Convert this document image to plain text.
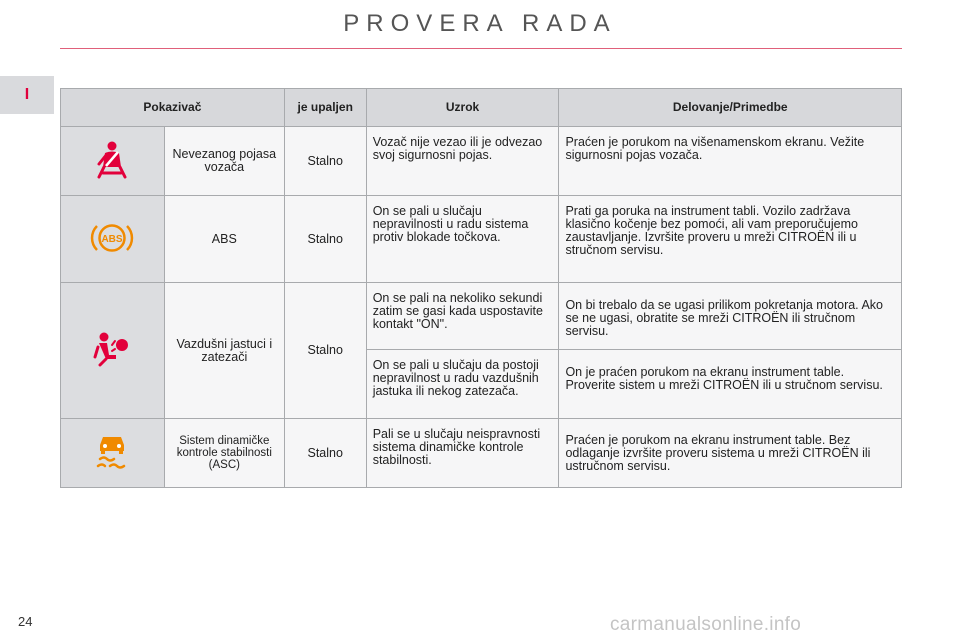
PROVERA RADA
I
Pokazivač		je upaljen	Uzrok	Delovanje/Primedbe
	Nevezanog pojasa vozača	Stalno	Vozač nije vezao ili je odvezao svoj sigurnosni pojas.	Praćen je porukom na višenamenskom ekranu. Vežite sigurnosni pojas vozača.

ABS	ABS	Stalno	On se pali u slučaju nepravilnosti u radu sistema protiv blokade točkova.	Prati ga poruka na instrument tabli. Vozilo zadržava klasično kočenje bez pomoći, ali vam preporučujemo zaustavljanje. Izvršite proveru u mreži CITROËN ili u stručnom servisu.
	Vazdušni jastuci i zatezači	Stalno	On se pali na nekoliko sekundi zatim se gasi kada uspostavite kontakt "ON".	On bi trebalo da se ugasi prilikom pokretanja motora. Ako se ne ugasi, obratite se mreži CITROËN ili stručnom servisu.
			On se pali u slučaju da postoji nepravilnost u radu vazdušnih jastuka ili nekog zatezača.	On je praćen porukom na ekranu instrument table. Proverite sistem u mreži CITROËN ili u stručnom servisu.
	Sistem dinamičke kontrole stabilnosti (ASC)	Stalno	Pali se u slučaju neispravnosti sistema dinamičke kontrole stabilnosti.	Praćen je porukom na ekranu instrument table. Bez odlaganje izvršite proveru sistema u mreži CITROËN ili ustručnom servisu.
24	carmanualsonline.info
